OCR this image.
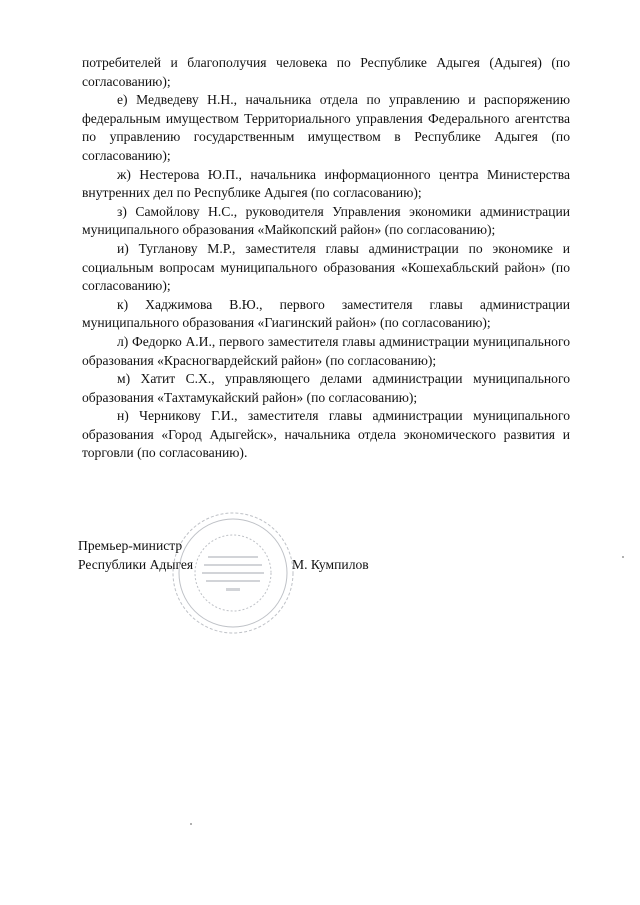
потребителей и благополучия человека по Республике Адыгея (Адыгея) (по согласованию);

е) Медведеву Н.Н., начальника отдела по управлению и распоряжению федеральным имуществом Территориального управления Федерального агентства по управлению государственным имуществом в Республике Адыгея (по согласованию);

ж) Нестерова Ю.П., начальника информационного центра Министерства внутренних дел по Республике Адыгея (по согласованию);

з) Самойлову Н.С., руководителя Управления экономики администрации муниципального образования «Майкопский район» (по согласованию);

и) Тугланову М.Р., заместителя главы администрации по экономике и социальным вопросам муниципального образования «Кошехабльский район» (по согласованию);

к) Хаджимова В.Ю., первого заместителя главы администрации муниципального образования «Гиагинский район» (по согласованию);

л) Федорко А.И., первого заместителя главы администрации муниципального образования «Красногвардейский район» (по согласованию);

м) Хатит С.Х., управляющего делами администрации муниципального образования «Тахтамукайский район» (по согласованию);

н) Черникову Г.И., заместителя главы администрации муниципального образования «Город Адыгейск», начальника отдела экономического развития и торговли (по согласованию).

Премьер-министр
Республики Адыгея	М. Кумпилов
